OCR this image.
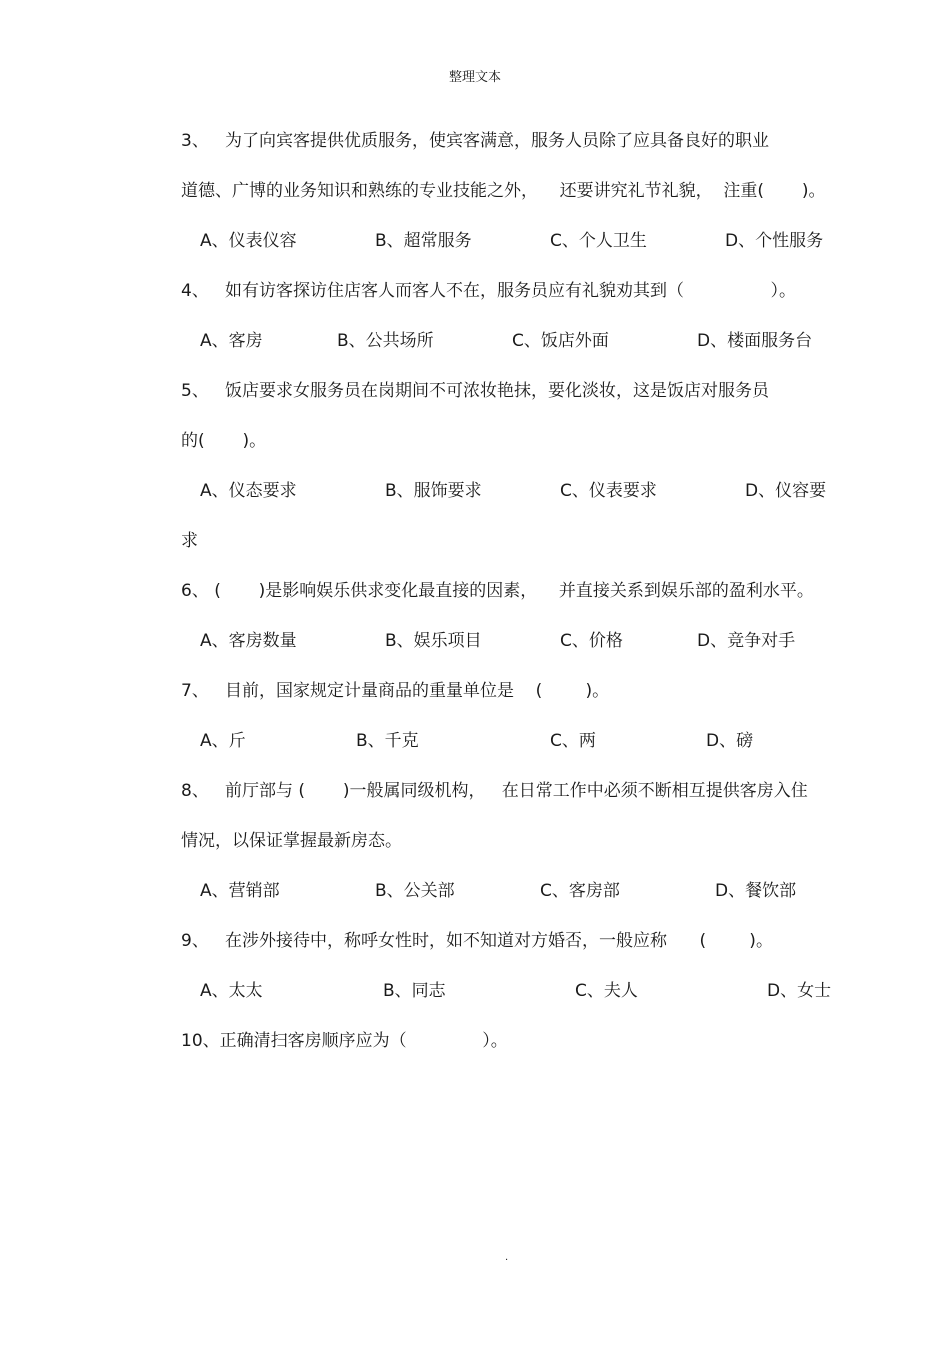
整理文本
3、   为了向宾客提供优质服务，使宾客满意，服务人员除了应具备良好的职业
道德、广博的业务知识和熟练的专业技能之外，    还要讲究礼节礼貌，  注重(       )。
A、仪表仪容	B、超常服务	C、个人卫生	D、个性服务
4、   如有访客探访住店客人而客人不在，服务员应有礼貌劝其到（                ）。
A、客房	B、公共场所	C、饭店外面	D、楼面服务台
5、   饭店要求女服务员在岗期间不可浓妆艳抹，要化淡妆，这是饭店对服务员
的(       )。
A、仪态要求	B、服饰要求	C、仪表要求	D、仪容要
求
6、 (       )是影响娱乐供求变化最直接的因素，    并直接关系到娱乐部的盈利水平。
A、客房数量	B、娱乐项目	C、价格	D、竞争对手
7、   目前，国家规定计量商品的重量单位是    (        )。
A、斤	B、千克	C、两	D、磅
8、   前厅部与 (       )一般属同级机构，   在日常工作中必须不断相互提供客房入住
情况，以保证掌握最新房态。
A、营销部	B、公关部	C、客房部	D、餐饮部
9、   在涉外接待中，称呼女性时，如不知道对方婚否，一般应称      (        )。
A、太太	B、同志	C、夫人	D、女士
10、正确清扫客房顺序应为（              ）。
.
